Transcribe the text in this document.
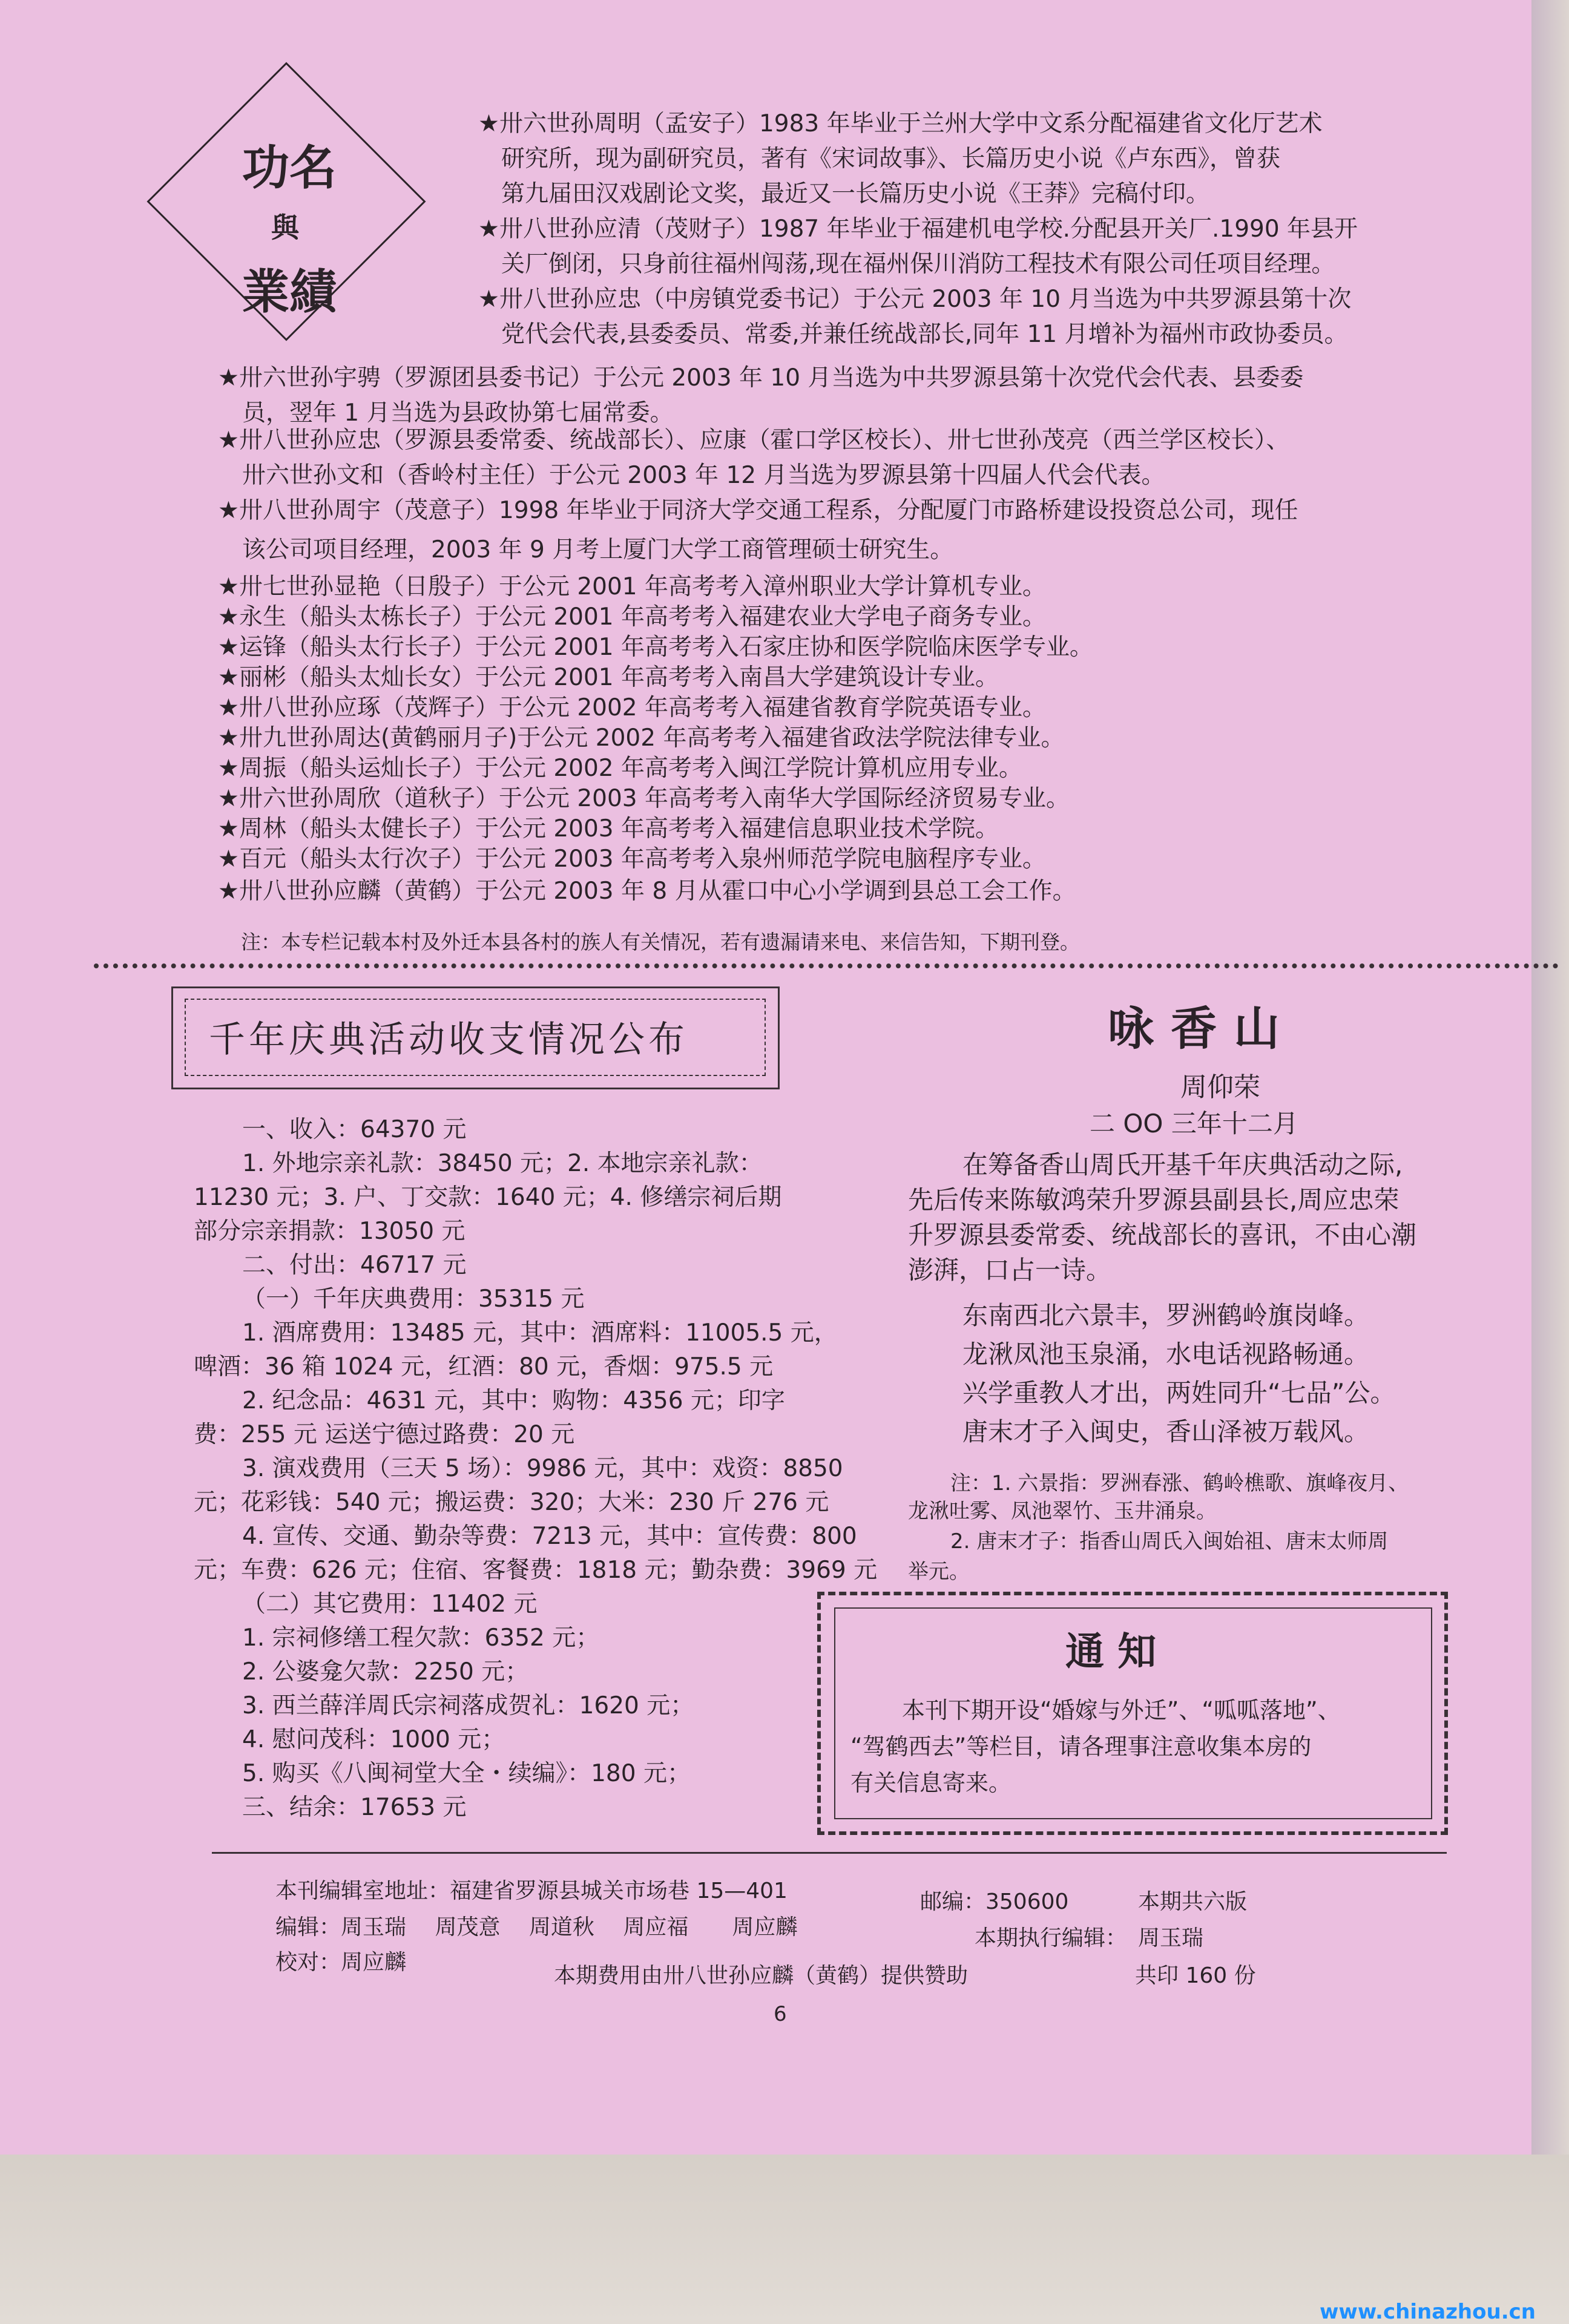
功名
與
業績
★卅六世孙周明（孟安子）1983 年毕业于兰州大学中文系分配福建省文化厅艺术
研究所，现为副研究员，著有《宋词故事》、长篇历史小说《卢东西》，曾获
第九届田汉戏剧论文奖，最近又一长篇历史小说《王莽》完稿付印。
★卅八世孙应清（茂财子）1987 年毕业于福建机电学校.分配县开关厂.1990 年县开
关厂倒闭，只身前往福州闯荡,现在福州保川消防工程技术有限公司任项目经理。
★卅八世孙应忠（中房镇党委书记）于公元 2003 年 10 月当选为中共罗源县第十次
党代会代表,县委委员、常委,并兼任统战部长,同年 11 月增补为福州市政协委员。
★卅六世孙宇骋（罗源团县委书记）于公元 2003 年 10 月当选为中共罗源县第十次党代会代表、县委委
员，翌年 1 月当选为县政协第七届常委。
★卅八世孙应忠（罗源县委常委、统战部长）、应康（霍口学区校长）、卅七世孙茂亮（西兰学区校长）、
卅六世孙文和（香岭村主任）于公元 2003 年 12 月当选为罗源县第十四届人代会代表。
★卅八世孙周宇（茂意子）1998 年毕业于同济大学交通工程系，分配厦门市路桥建设投资总公司，现任
该公司项目经理，2003 年 9 月考上厦门大学工商管理硕士研究生。
★卅七世孙显艳（日殷子）于公元 2001 年高考考入漳州职业大学计算机专业。
★永生（船头太栋长子）于公元 2001 年高考考入福建农业大学电子商务专业。
★运锋（船头太行长子）于公元 2001 年高考考入石家庄协和医学院临床医学专业。
★丽彬（船头太灿长女）于公元 2001 年高考考入南昌大学建筑设计专业。
★卅八世孙应琢（茂辉子）于公元 2002 年高考考入福建省教育学院英语专业。
★卅九世孙周达(黄鹤丽月子)于公元 2002 年高考考入福建省政法学院法律专业。
★周振（船头运灿长子）于公元 2002 年高考考入闽江学院计算机应用专业。
★卅六世孙周欣（道秋子）于公元 2003 年高考考入南华大学国际经济贸易专业。
★周林（船头太健长子）于公元 2003 年高考考入福建信息职业技术学院。
★百元（船头太行次子）于公元 2003 年高考考入泉州师范学院电脑程序专业。
★卅八世孙应麟（黄鹤）于公元 2003 年 8 月从霍口中心小学调到县总工会工作。
注：本专栏记载本村及外迁本县各村的族人有关情况，若有遗漏请来电、来信告知，下期刊登。
千年庆典活动收支情况公布
一、收入：64370 元
1. 外地宗亲礼款：38450 元；2. 本地宗亲礼款：
11230 元；3. 户、丁交款：1640 元；4. 修缮宗祠后期
部分宗亲捐款：13050 元
二、付出：46717 元
（一）千年庆典费用：35315 元
1. 酒席费用：13485 元，其中：酒席料：11005.5 元，
啤酒：36 箱 1024 元，红酒：80 元，香烟：975.5 元
2. 纪念品：4631 元，其中：购物：4356 元；印字
费：255 元 运送宁德过路费：20 元
3. 演戏费用（三天 5 场）：9986 元，其中：戏资：8850
元；花彩钱：540 元；搬运费：320；大米：230 斤 276 元
4. 宣传、交通、勤杂等费：7213 元，其中：宣传费：800
元；车费：626 元；住宿、客餐费：1818 元；勤杂费：3969 元
（二）其它费用：11402 元
1. 宗祠修缮工程欠款：6352 元；
2. 公婆龛欠款：2250 元；
3. 西兰薛洋周氏宗祠落成贺礼：1620 元；
4. 慰问茂科：1000 元；
5. 购买《八闽祠堂大全・续编》：180 元；
三、结余：17653 元
咏香山
周仰荣
二 OO 三年十二月
在筹备香山周氏开基千年庆典活动之际,
先后传来陈敏鸿荣升罗源县副县长,周应忠荣
升罗源县委常委、统战部长的喜讯，不由心潮
澎湃，口占一诗。
东南西北六景丰，罗洲鹤岭旗岗峰。
龙湫凤池玉泉涌，水电话视路畅通。
兴学重教人才出，两姓同升“七品”公。
唐末才子入闽史，香山泽被万载风。
注：1. 六景指：罗洲春涨、鹤岭樵歌、旗峰夜月、
龙湫吐雾、凤池翠竹、玉井涌泉。
2. 唐末才子：指香山周氏入闽始祖、唐末太师周
举元。
通 知
本刊下期开设“婚嫁与外迁”、“呱呱落地”、
“驾鹤西去”等栏目，请各理事注意收集本房的
有关信息寄来。
本刊编辑室地址：福建省罗源县城关市场巷 15—401	邮编：350600	本期共六版
编辑：周玉瑞　 周茂意　 周道秋　 周应福　　周应麟	本期执行编辑：　周玉瑞
校对：周应麟
本期费用由卅八世孙应麟（黄鹤）提供赞助	共印 160 份
6
www.chinazhou.cn
